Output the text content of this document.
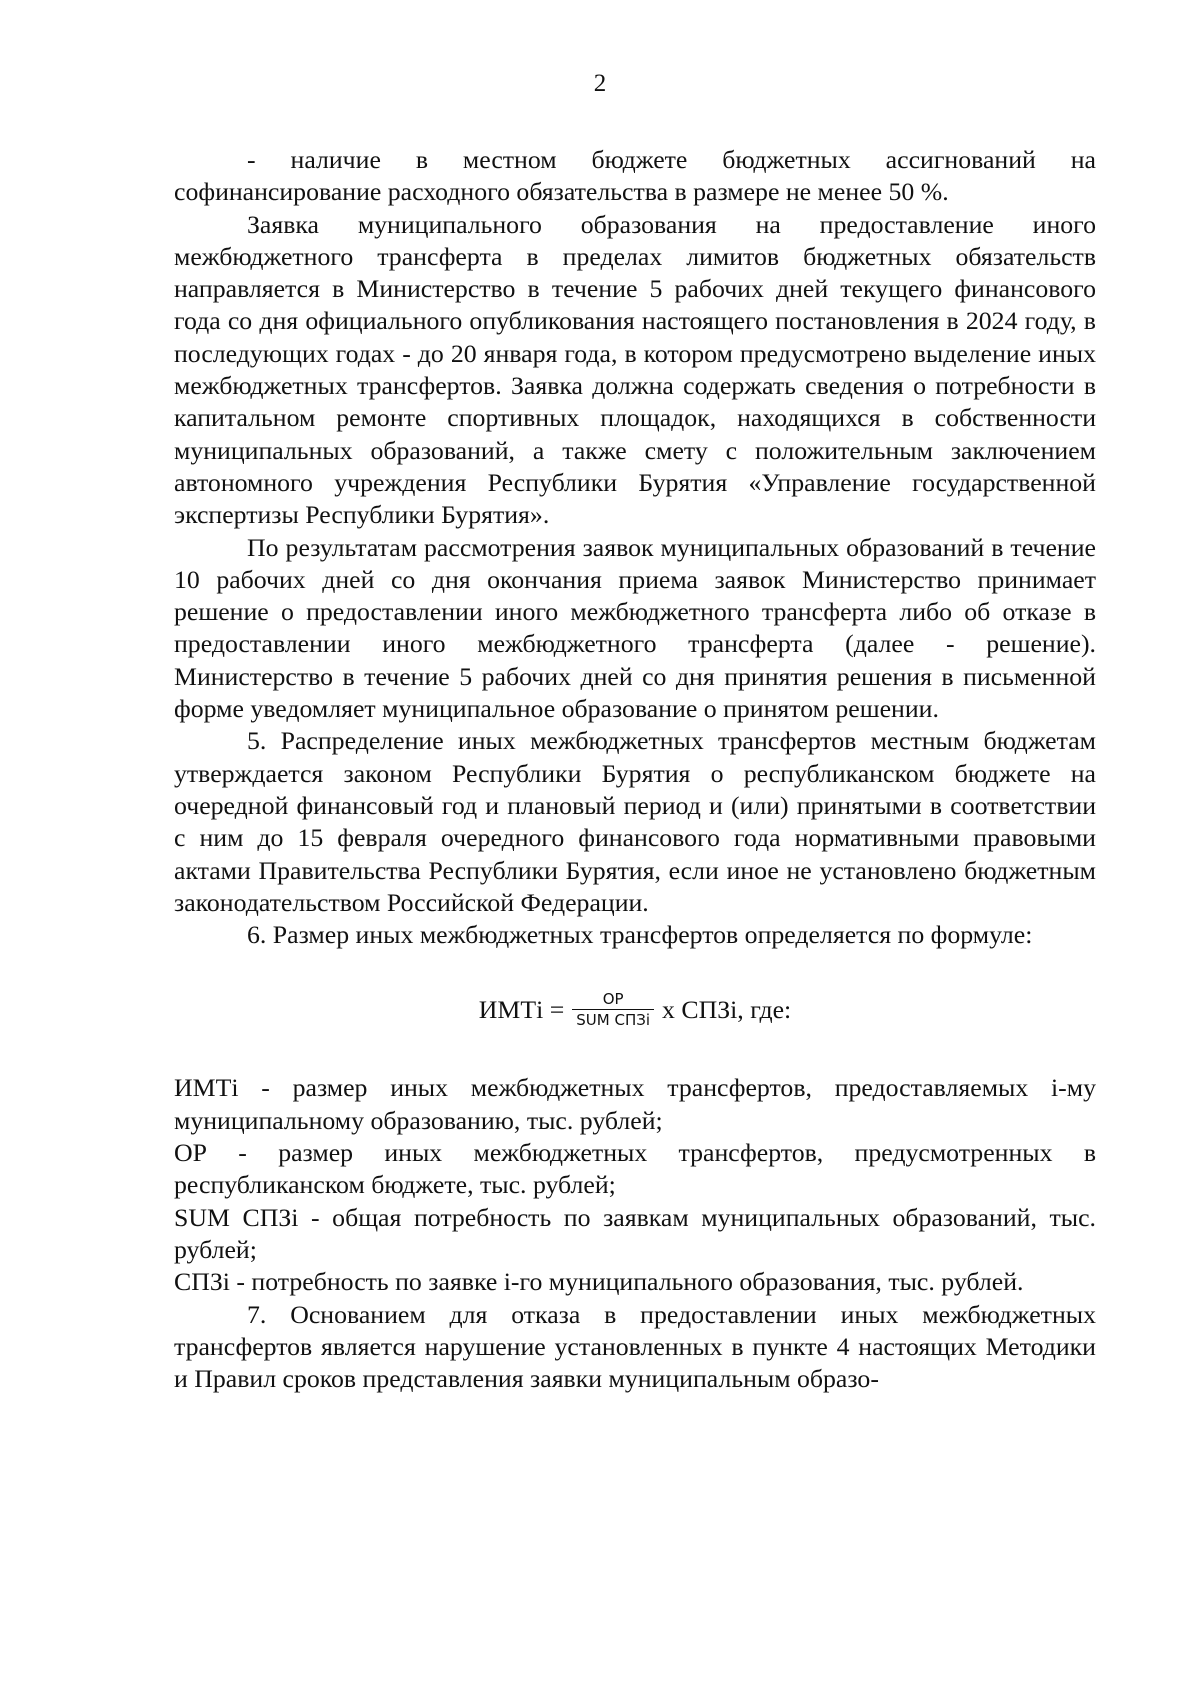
2

- наличие в местном бюджете бюджетных ассигнований на софинансирование расходного обязательства в размере не менее 50 %.

Заявка муниципального образования на предоставление иного межбюджетного трансферта в пределах лимитов бюджетных обязательств направляется в Министерство в течение 5 рабочих дней текущего финансового года со дня официального опубликования настоящего постановления в 2024 году, в последующих годах - до 20 января года, в котором предусмотрено выделение иных межбюджетных трансфертов. Заявка должна содержать сведения о потребности в капитальном ремонте спортивных площадок, находящихся в собственности муниципальных образований, а также смету с положительным заключением автономного учреждения Республики Бурятия «Управление государственной экспертизы Республики Бурятия».

По результатам рассмотрения заявок муниципальных образований в течение 10 рабочих дней со дня окончания приема заявок Министерство принимает решение о предоставлении иного межбюджетного трансферта либо об отказе в предоставлении иного межбюджетного трансферта (далее - решение). Министерство в течение 5 рабочих дней со дня принятия решения в письменной форме уведомляет муниципальное образование о принятом решении.

5. Распределение иных межбюджетных трансфертов местным бюджетам утверждается законом Республики Бурятия о республиканском бюджете на очередной финансовый год и плановый период и (или) принятыми в соответствии с ним до 15 февраля очередного финансового года нормативными правовыми актами Правительства Республики Бурятия, если иное не установлено бюджетным законодательством Российской Федерации.

6. Размер иных межбюджетных трансфертов определяется по формуле:

ИМТi = $\frac{ОР}{\text{SUM СПЗi}}$ x СПЗi, где:

ИМТi - размер иных межбюджетных трансфертов, предоставляемых i-му муниципальному образованию, тыс. рублей;

ОР - размер иных межбюджетных трансфертов, предусмотренных в республиканском бюджете, тыс. рублей;

SUM СПЗi - общая потребность по заявкам муниципальных образований, тыс. рублей;

СПЗi - потребность по заявке i-го муниципального образования, тыс. рублей.

7. Основанием для отказа в предоставлении иных межбюджетных трансфертов является нарушение установленных в пункте 4 настоящих Методики и Правил сроков представления заявки муниципальным образо-
